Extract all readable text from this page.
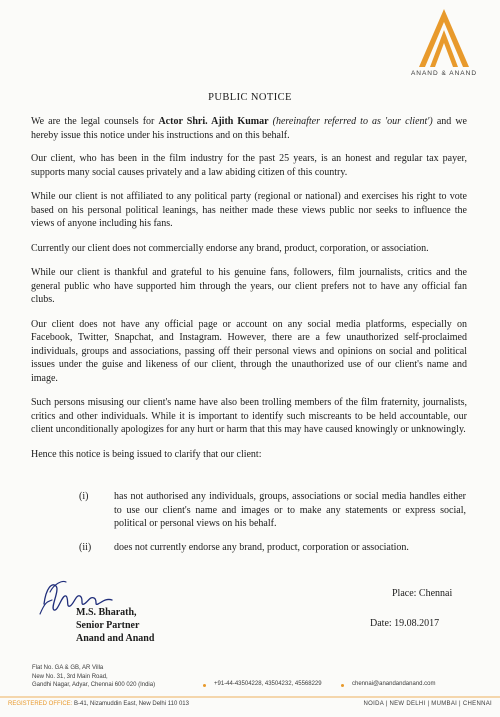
ANAND & ANAND
PUBLIC NOTICE

We are the legal counsels for Actor Shri. Ajith Kumar (hereinafter referred to as 'our client') and we hereby issue this notice under his instructions and on this behalf.

Our client, who has been in the film industry for the past 25 years, is an honest and regular tax payer, supports many social causes privately and a law abiding citizen of this country.

While our client is not affiliated to any political party (regional or national) and exercises his right to vote based on his personal political leanings, has neither made these views public nor seeks to influence the views of anyone including his fans.

Currently our client does not commercially endorse any brand, product, corporation, or association.

While our client is thankful and grateful to his genuine fans, followers, film journalists, critics and the general public who have supported him through the years, our client prefers not to have any official fan clubs.

Our client does not have any official page or account on any social media platforms, especially on Facebook, Twitter, Snapchat, and Instagram. However, there are a few unauthorized self-proclaimed individuals, groups and associations, passing off their personal views and opinions on social and political issues under the guise and likeness of our client, through the unauthorized use of our client's name and image.

Such persons misusing our client's name have also been trolling members of the film fraternity, journalists, critics and other individuals. While it is important to identify such miscreants to be held accountable, our client unconditionally apologizes for any hurt or harm that this may have caused knowingly or unknowingly.

Hence this notice is being issued to clarify that our client:

(i)	has not authorised any individuals, groups, associations or social media handles either to use our client's name and images or to make any statements or express social, political or personal views on his behalf.
(ii) does not currently endorse any brand, product, corporation or association.
M.S. Bharath,
Senior Partner
Anand and Anand
Place: Chennai
Date: 19.08.2017
Flat No. GA & GB, AR Villa
New No. 31, 3rd Main Road,
Gandhi Nagar, Adyar, Chennai 600 020 (India)	+91-44-43504228, 43504232, 45568229	chennai@anandandanand.com
REGISTERED OFFICE: B-41, Nizamuddin East, New Delhi 110 013	NOIDA | NEW DELHI | MUMBAI | CHENNAI
